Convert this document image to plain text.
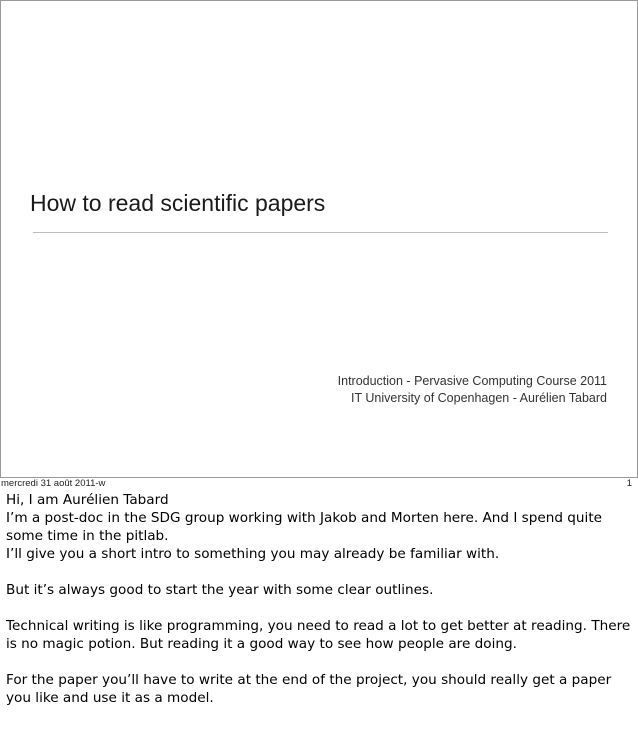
How to read scientific papers
Introduction - Pervasive Computing Course 2011
IT University of Copenhagen - Aurélien Tabard
mercredi 31 août 2011-w	1

Hi, I am Aurélien Tabard

I’m a post-doc in the SDG group working with Jakob and Morten here. And I spend quite some time in the pitlab.

I’ll give you a short intro to something you may already be familiar with.

But it’s always good to start the year with some clear outlines.

Technical writing is like programming, you need to read a lot to get better at reading. There is no magic potion. But reading it a good way to see how people are doing.

For the paper you’ll have to write at the end of the project, you should really get a paper you like and use it as a model.
